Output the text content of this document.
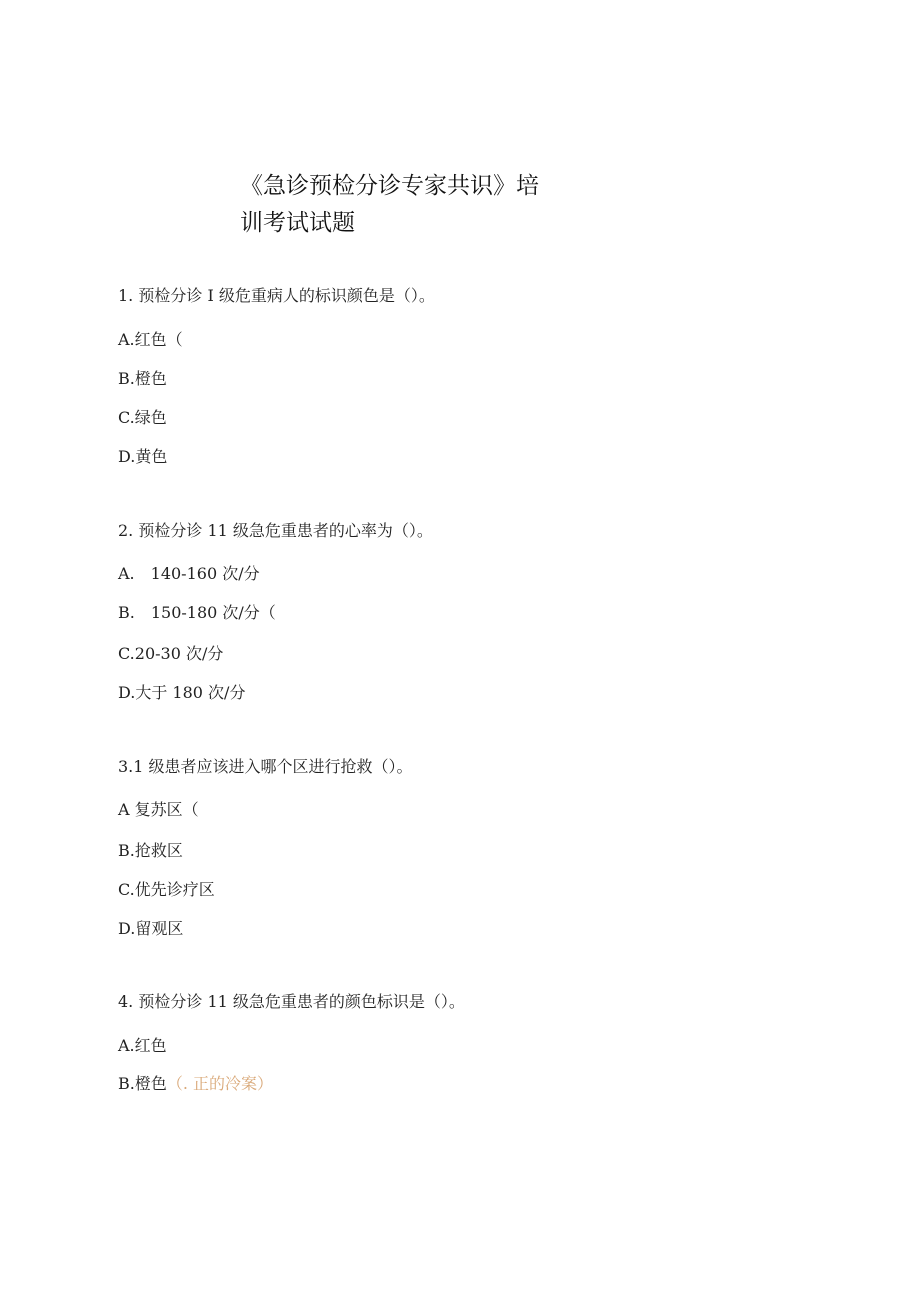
《急诊预检分诊专家共识》培
训考试试题
1. 预检分诊 I 级危重病人的标识颜色是（）。
A.红色（
B.橙色
C.绿色
D.黄色
2. 预检分诊 11 级急危重患者的心率为（）。
A.　140-160 次/分
B.　150-180 次/分（
C.20-30 次/分
D.大于 180 次/分
3.1 级患者应该进入哪个区进行抢救（）。
A 复苏区（
B.抢救区
C.优先诊疗区
D.留观区
4. 预检分诊 11 级急危重患者的颜色标识是（）。
A.红色
B.橙色（. 正的冷案）
